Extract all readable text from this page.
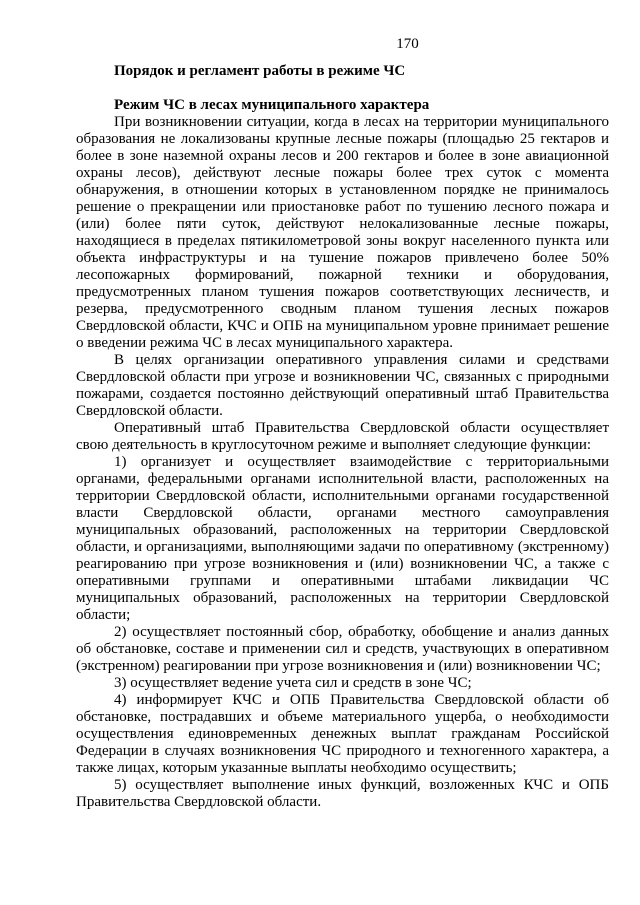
170

Порядок и регламент работы в режиме ЧС

Режим ЧС в лесах муниципального характера

При возникновении ситуации, когда в лесах на территории муниципального образования не локализованы крупные лесные пожары (площадью 25 гектаров и более в зоне наземной охраны лесов и 200 гектаров и более в зоне авиационной охраны лесов), действуют лесные пожары более трех суток с момента обнаружения, в отношении которых в установленном порядке не принималось решение о прекращении или приостановке работ по тушению лесного пожара и (или) более пяти суток, действуют нелокализованные лесные пожары, находящиеся в пределах пятикилометровой зоны вокруг населенного пункта или объекта инфраструктуры и на тушение пожаров привлечено более 50% лесопожарных формирований, пожарной техники и оборудования, предусмотренных планом тушения пожаров соответствующих лесничеств, и резерва, предусмотренного сводным планом тушения лесных пожаров Свердловской области, КЧС и ОПБ на муниципальном уровне принимает решение о введении режима ЧС в лесах муниципального характера.

В целях организации оперативного управления силами и средствами Свердловской области при угрозе и возникновении ЧС, связанных с природными пожарами, создается постоянно действующий оперативный штаб Правительства Свердловской области.

Оперативный штаб Правительства Свердловской области осуществляет свою деятельность в круглосуточном режиме и выполняет следующие функции:

1) организует и осуществляет взаимодействие с территориальными органами, федеральными органами исполнительной власти, расположенных на территории Свердловской области, исполнительными органами государственной власти Свердловской области, органами местного самоуправления муниципальных образований, расположенных на территории Свердловской области, и организациями, выполняющими задачи по оперативному (экстренному) реагированию при угрозе возникновения и (или) возникновении ЧС, а также с оперативными группами и оперативными штабами ликвидации ЧС муниципальных образований, расположенных на территории Свердловской области;

2) осуществляет постоянный сбор, обработку, обобщение и анализ данных об обстановке, составе и применении сил и средств, участвующих в оперативном (экстренном) реагировании при угрозе возникновения и (или) возникновении ЧС;

3) осуществляет ведение учета сил и средств в зоне ЧС;

4) информирует КЧС и ОПБ Правительства Свердловской области об обстановке, пострадавших и объеме материального ущерба, о необходимости осуществления единовременных денежных выплат гражданам Российской Федерации в случаях возникновения ЧС природного и техногенного характера, а также лицах, которым указанные выплаты необходимо осуществить;

5) осуществляет выполнение иных функций, возложенных КЧС и ОПБ Правительства Свердловской области.
